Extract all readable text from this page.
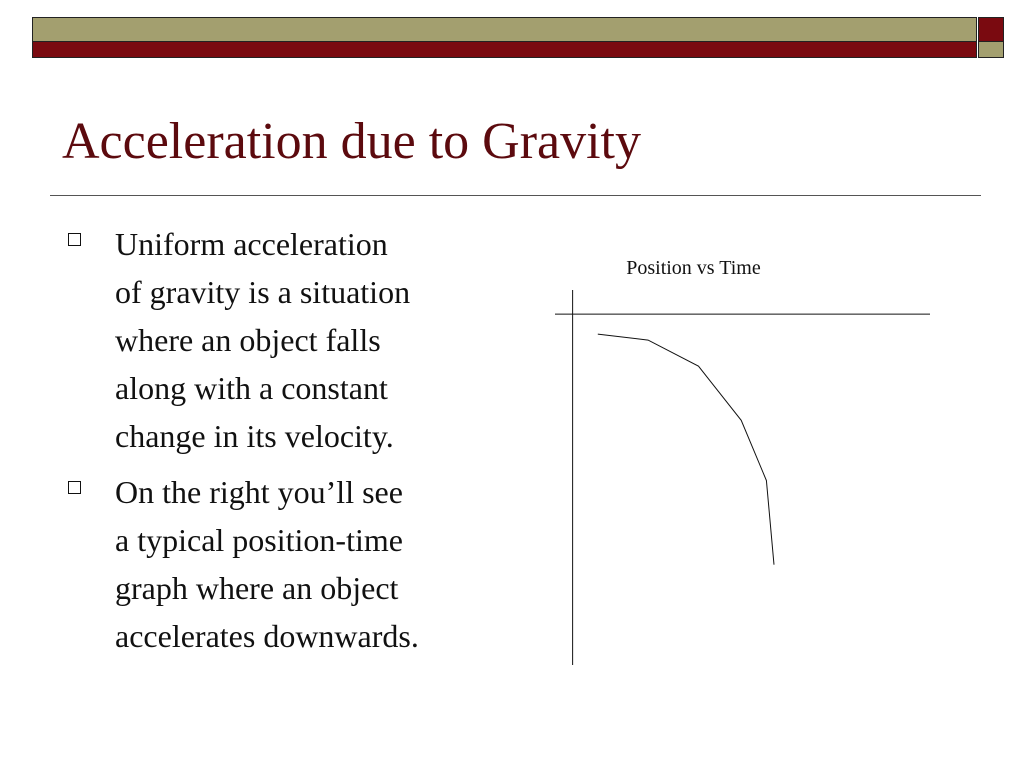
Acceleration due to Gravity
Uniform acceleration
of gravity is a situation
where an object falls
along with a constant
change in its velocity.
On the right you’ll see
a typical position-time
graph where an object
accelerates downwards.
Position vs Time
